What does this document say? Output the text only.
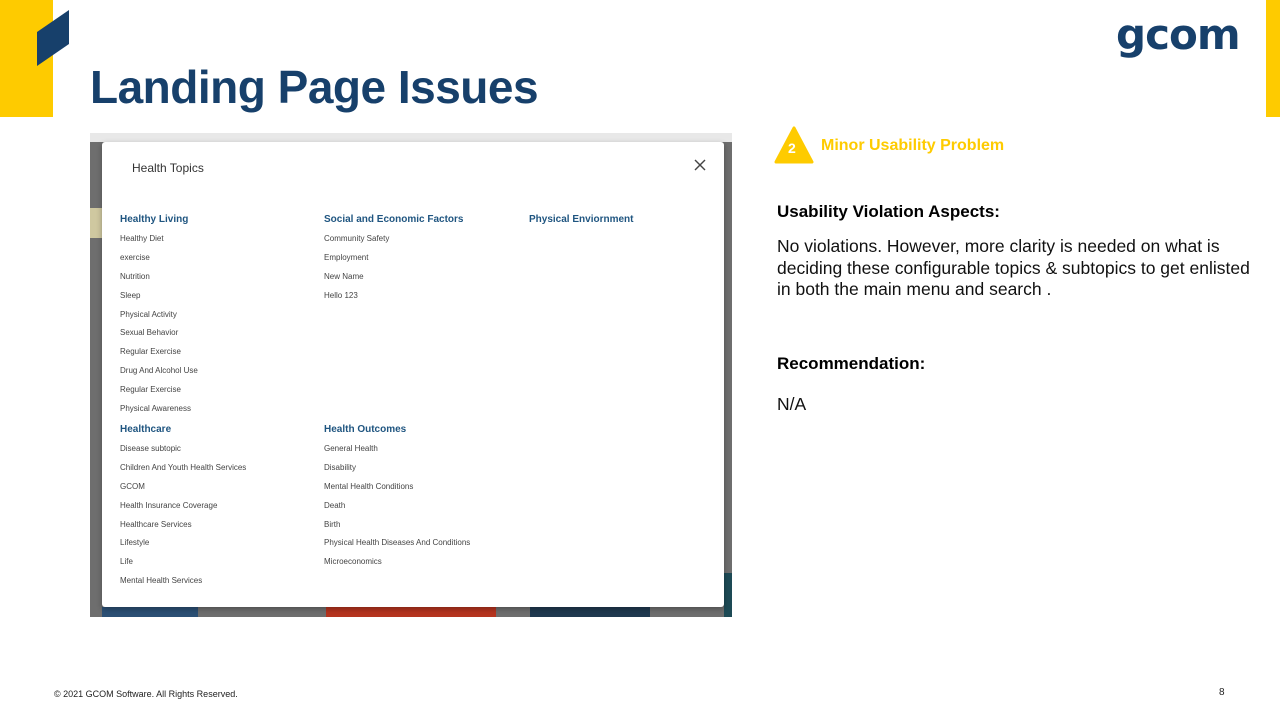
gcom
Landing Page Issues
Health Topics
Healthy Living
Healthy Diet
exercise
Nutrition
Sleep
Physical Activity
Sexual Behavior
Regular Exercise
Drug And Alcohol Use
Regular Exercise
Physical Awareness
Social and Economic Factors
Community Safety
Employment
New Name
Hello 123
Physical Enviornment
Healthcare
Disease subtopic
Children And Youth Health Services
GCOM
Health Insurance Coverage
Healthcare Services
Lifestyle
Life
Mental Health Services
Health Outcomes
General Health
Disability
Mental Health Conditions
Death
Birth
Physical Health Diseases And Conditions
Microeconomics
2 Minor Usability Problem
Usability Violation Aspects:
No violations. However, more clarity is needed on what is deciding these configurable topics & subtopics to get enlisted in both the main menu and search .
Recommendation:
N/A
© 2021 GCOM Software. All Rights Reserved.	8
